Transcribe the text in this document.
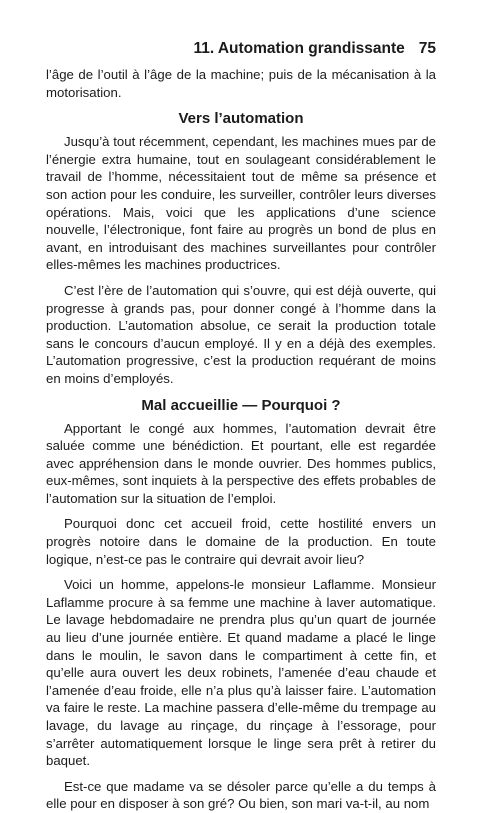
11. Automation grandissante 75

l’âge de l’outil à l’âge de la machine; puis de la mécanisation à la motorisation.

Vers l’automation

Jusqu’à tout récemment, cependant, les machines mues par de l’énergie extra humaine, tout en soulageant considérablement le travail de l’homme, nécessitaient tout de même sa présence et son action pour les conduire, les surveiller, contrôler leurs diverses opérations. Mais, voici que les applications d’une science nouvelle, l’électronique, font faire au progrès un bond de plus en avant, en introduisant des machines surveillantes pour contrôler elles-mêmes les machines productrices.

C’est l’ère de l’automation qui s’ouvre, qui est déjà ouverte, qui progresse à grands pas, pour donner congé à l’homme dans la production. L’automation absolue, ce serait la production totale sans le concours d’aucun employé. Il y en a déjà des exemples. L’automation progressive, c’est la production requérant de moins en moins d’employés.

Mal accueillie — Pourquoi ?

Apportant le congé aux hommes, l’automation devrait être saluée comme une bénédiction. Et pourtant, elle est regardée avec appréhension dans le monde ouvrier. Des hommes publics, eux-mêmes, sont inquiets à la perspective des effets probables de l’automation sur la situation de l’emploi.

Pourquoi donc cet accueil froid, cette hostilité envers un progrès notoire dans le domaine de la production. En toute logique, n’est-ce pas le contraire qui devrait avoir lieu?

Voici un homme, appelons-le monsieur Laflamme. Monsieur Laflamme procure à sa femme une machine à laver automatique. Le lavage hebdomadaire ne prendra plus qu’un quart de journée au lieu d’une journée entière. Et quand madame a placé le linge dans le moulin, le savon dans le compartiment à cette fin, et qu’elle aura ouvert les deux robinets, l’amenée d’eau chaude et l’amenée d’eau froide, elle n’a plus qu’à laisser faire. L’automation va faire le reste. La machine passera d’elle-même du trempage au lavage, du lavage au rinçage, du rinçage à l’essorage, pour s’arrêter automatiquement lorsque le linge sera prêt à retirer du baquet.

Est-ce que madame va se désoler parce qu’elle a du temps à elle pour en disposer à son gré? Ou bien, son mari va-t-il, au nom
